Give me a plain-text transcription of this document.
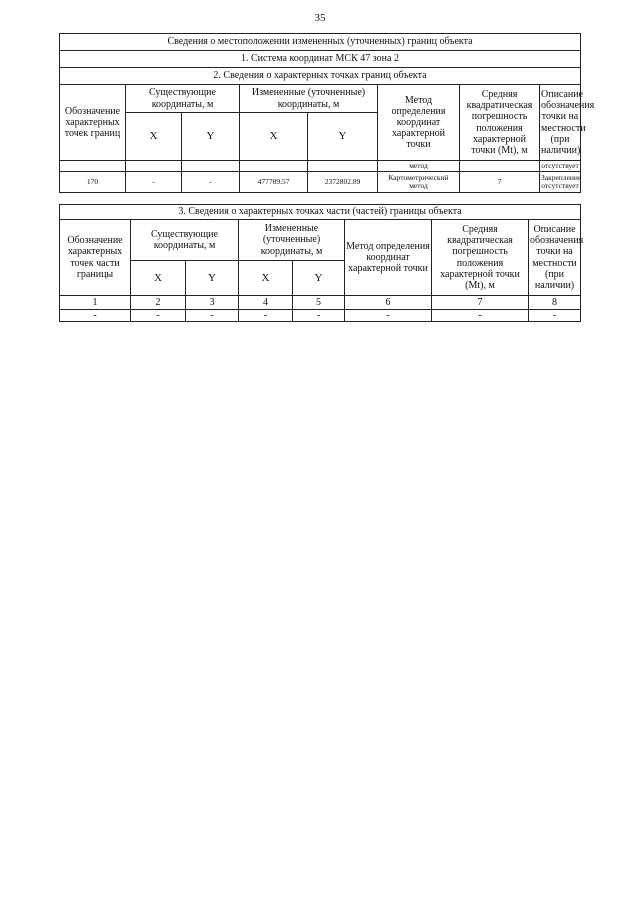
35
Сведения о местоположении измененных (уточненных) границ объекта							
1. Система координат МСК 47 зона 2							
2. Сведения о характерных точках границ объекта							
Обозначение характерных точек границ	Существующие координаты, м		Измененные (уточненные) координаты, м		Метод определения координат характерной точки	Средняя квадратическая погрешность положения характерной точки (Mt), м	Описание обозначения точки на местности (при наличии)
	X	Y	X	Y			
					метод		отсутствует
170	-	-	477789.57	2372802.89	Картометрический метод	7	Закрепление отсутствует
3. Сведения о характерных точках части (частей) границы объекта							
Обозначение характерных точек части границы	Существующие координаты, м		Измененные (уточненные) координаты, м		Метод определения координат характерной точки	Средняя квадратическая погрешность положения характерной точки (Mt), м	Описание обозначения точки на местности (при наличии)
	X	Y	X	Y			
1	2	3	4	5	6	7	8
-	-	-	-	-	-	-	-
